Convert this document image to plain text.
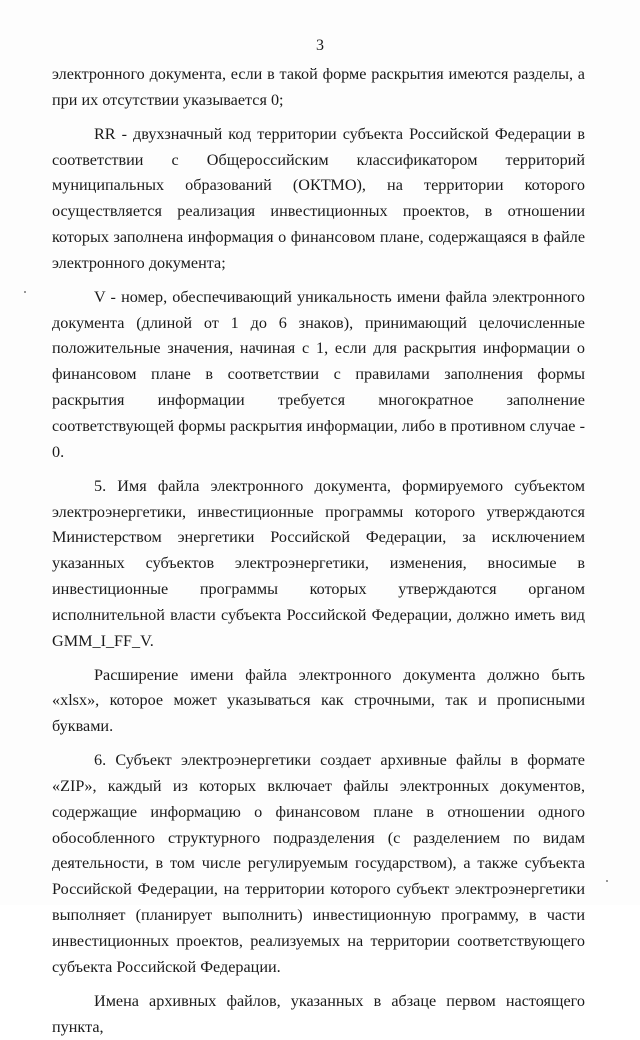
3

электронного документа, если в такой форме раскрытия имеются разделы, а при их отсутствии указывается 0;

RR - двухзначный код территории субъекта Российской Федерации в соответствии с Общероссийским классификатором территорий муниципальных образований (ОКТМО), на территории которого осуществляется реализация инвестиционных проектов, в отношении которых заполнена информация о финансовом плане, содержащаяся в файле электронного документа;

V - номер, обеспечивающий уникальность имени файла электронного документа (длиной от 1 до 6 знаков), принимающий целочисленные положительные значения, начиная с 1, если для раскрытия информации о финансовом плане в соответствии с правилами заполнения формы раскрытия информации требуется многократное заполнение соответствующей формы раскрытия информации, либо в противном случае - 0.

5. Имя файла электронного документа, формируемого субъектом электроэнергетики, инвестиционные программы которого утверждаются Министерством энергетики Российской Федерации, за исключением указанных субъектов электроэнергетики, изменения, вносимые в инвестиционные программы которых утверждаются органом исполнительной власти субъекта Российской Федерации, должно иметь вид GMM_I_FF_V.

Расширение имени файла электронного документа должно быть «xlsx», которое может указываться как строчными, так и прописными буквами.

6. Субъект электроэнергетики создает архивные файлы в формате «ZIP», каждый из которых включает файлы электронных документов, содержащие информацию о финансовом плане в отношении одного обособленного структурного подразделения (с разделением по видам деятельности, в том числе регулируемым государством), а также субъекта Российской Федерации, на территории которого субъект электроэнергетики выполняет (планирует выполнить) инвестиционную программу, в части инвестиционных проектов, реализуемых на территории соответствующего субъекта Российской Федерации.

Имена архивных файлов, указанных в абзаце первом настоящего пункта,
